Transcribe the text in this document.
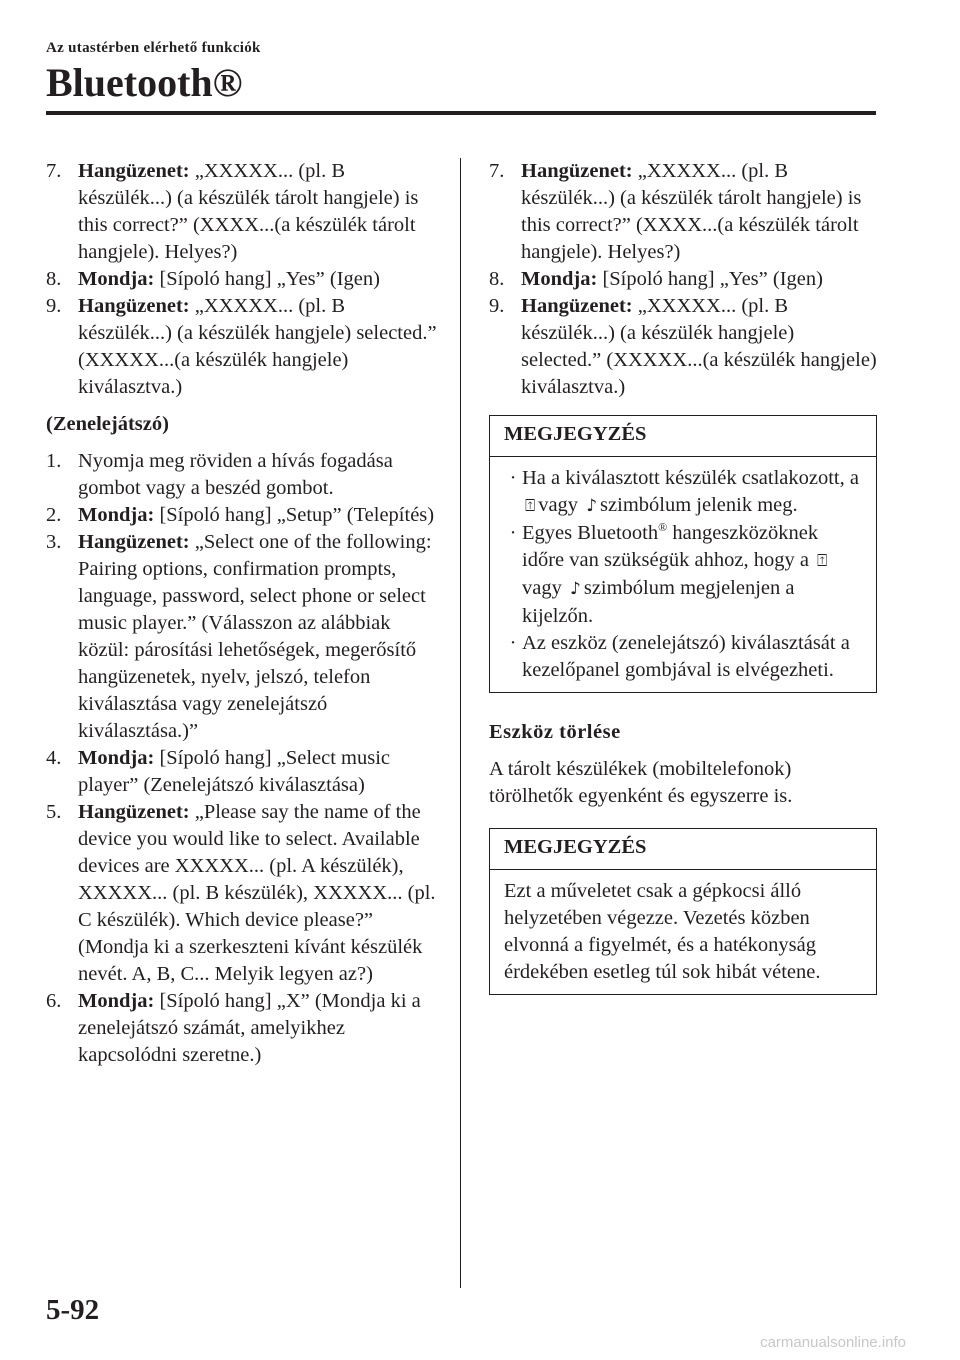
Az utastérben elérhető funkciók
Bluetooth®
7. Hangüzenet: „XXXXX... (pl. B készülék...) (a készülék tárolt hangjele) is this correct?” (XXXX...(a készülék tárolt hangjele). Helyes?)
8. Mondja: [Sípoló hang] „Yes” (Igen)
9. Hangüzenet: „XXXXX... (pl. B készülék...) (a készülék hangjele) selected.” (XXXXX...(a készülék hangjele) kiválasztva.)
(Zenelejátszó)
1. Nyomja meg röviden a hívás fogadása gombot vagy a beszéd gombot.
2. Mondja: [Sípoló hang] „Setup” (Telepítés)
3. Hangüzenet: „Select one of the following: Pairing options, confirmation prompts, language, password, select phone or select music player.” (Válasszon az alábbiak közül: párosítási lehetőségek, megerősítő hangüzenetek, nyelv, jelszó, telefon kiválasztása vagy zenelejátszó kiválasztása.)”
4. Mondja: [Sípoló hang] „Select music player” (Zenelejátszó kiválasztása)
5. Hangüzenet: „Please say the name of the device you would like to select. Available devices are XXXXX... (pl. A készülék), XXXXX... (pl. B készülék), XXXXX... (pl. C készülék). Which device please?” (Mondja ki a szerkeszteni kívánt készülék nevét. A, B, C... Melyik legyen az?)
6. Mondja: [Sípoló hang] „X” (Mondja ki a zenelejátszó számát, amelyikhez kapcsolódni szeretne.)
7. Hangüzenet: „XXXXX... (pl. B készülék...) (a készülék tárolt hangjele) is this correct?” (XXXX...(a készülék tárolt hangjele). Helyes?)
8. Mondja: [Sípoló hang] „Yes” (Igen)
9. Hangüzenet: „XXXXX... (pl. B készülék...) (a készülék hangjele) selected.” (XXXXX...(a készülék hangjele) kiválasztva.)
MEGJEGYZÉS
· Ha a kiválasztott készülék csatlakozott, a ⍐ vagy ♪ szimbólum jelenik meg.
· Egyes Bluetooth® hangeszközöknek időre van szükségük ahhoz, hogy a ⍐ vagy ♪ szimbólum megjelenjen a kijelzőn.
· Az eszköz (zenelejátszó) kiválasztását a kezelőpanel gombjával is elvégezheti.
Eszköz törlése

A tárolt készülékek (mobiltelefonok) törölhetők egyenként és egyszerre is.

MEGJEGYZÉS
Ezt a műveletet csak a gépkocsi álló helyzetében végezze. Vezetés közben elvonná a figyelmét, és a hatékonyság érdekében esetleg túl sok hibát vétene.
5-92
carmanualsonline.info
